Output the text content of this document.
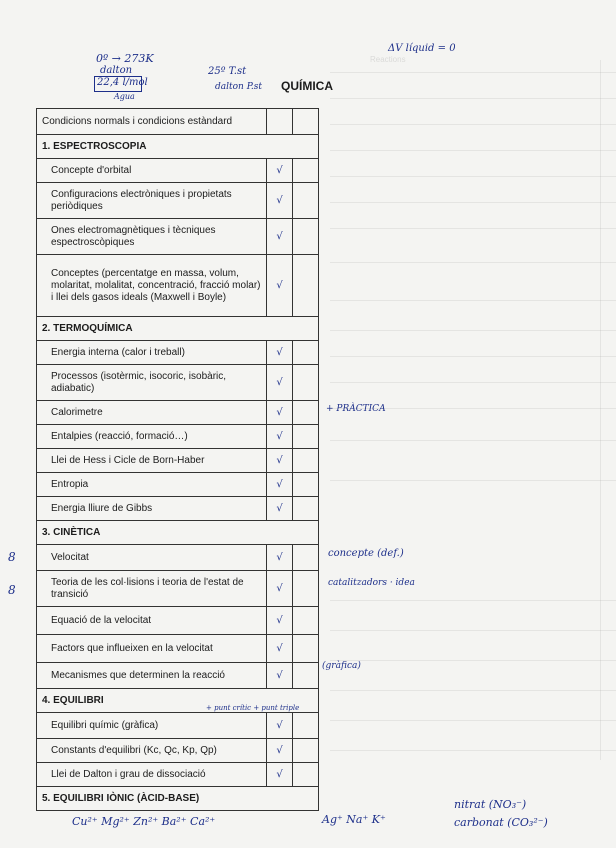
Reactions
0º → 273K
dalton
22,4 l/mol
Agua
25º T.st
dalton P.st
ΔV líquid = 0
QUÍMICA
Condicions normals i condicions estàndard		
1. ESPECTROSCOPIA		
Concepte d'orbital	√	
Configuracions electròniques i propietats periòdiques	√	
Ones electromagnètiques i tècniques espectroscòpiques	√	
Conceptes (percentatge en massa, volum, molaritat, molalitat, concentració, fracció molar) i llei dels gasos ideals (Maxwell i Boyle)	√	
2. TERMOQUÍMICA		
Energia interna (calor i treball)	√	
Processos (isotèrmic, isocoric, isobàric, adiabatic)	√	
Calorimetre	√	
Entalpies (reacció, formació…)	√	
Llei de Hess i Cicle de Born-Haber	√	
Entropia	√	
Energia lliure de Gibbs	√	
3. CINÈTICA		
Velocitat	√	
Teoria de les col·lisions i teoria de l'estat de transició	√	
Equació de la velocitat	√	
Factors que influeixen en la velocitat	√	
Mecanismes que determinen la reacció	√	
4. EQUILIBRI		
Equilibri químic (gràfica)	√	
Constants d'equilibri (Kc, Qc, Kp, Qp)	√	
Llei de Dalton i grau de dissociació	√	
5. EQUILIBRI IÒNIC (ÀCID-BASE)		
+ PRÀCTICA
concepte (def.)
catalitzadors · idea
(gràfica)
+ punt crític + punt triple
8
8
Cu²⁺ Mg²⁺ Zn²⁺ Ba²⁺ Ca²⁺	Ag⁺ Na⁺ K⁺
nitrat (NO₃⁻)
carbonat (CO₃²⁻)
